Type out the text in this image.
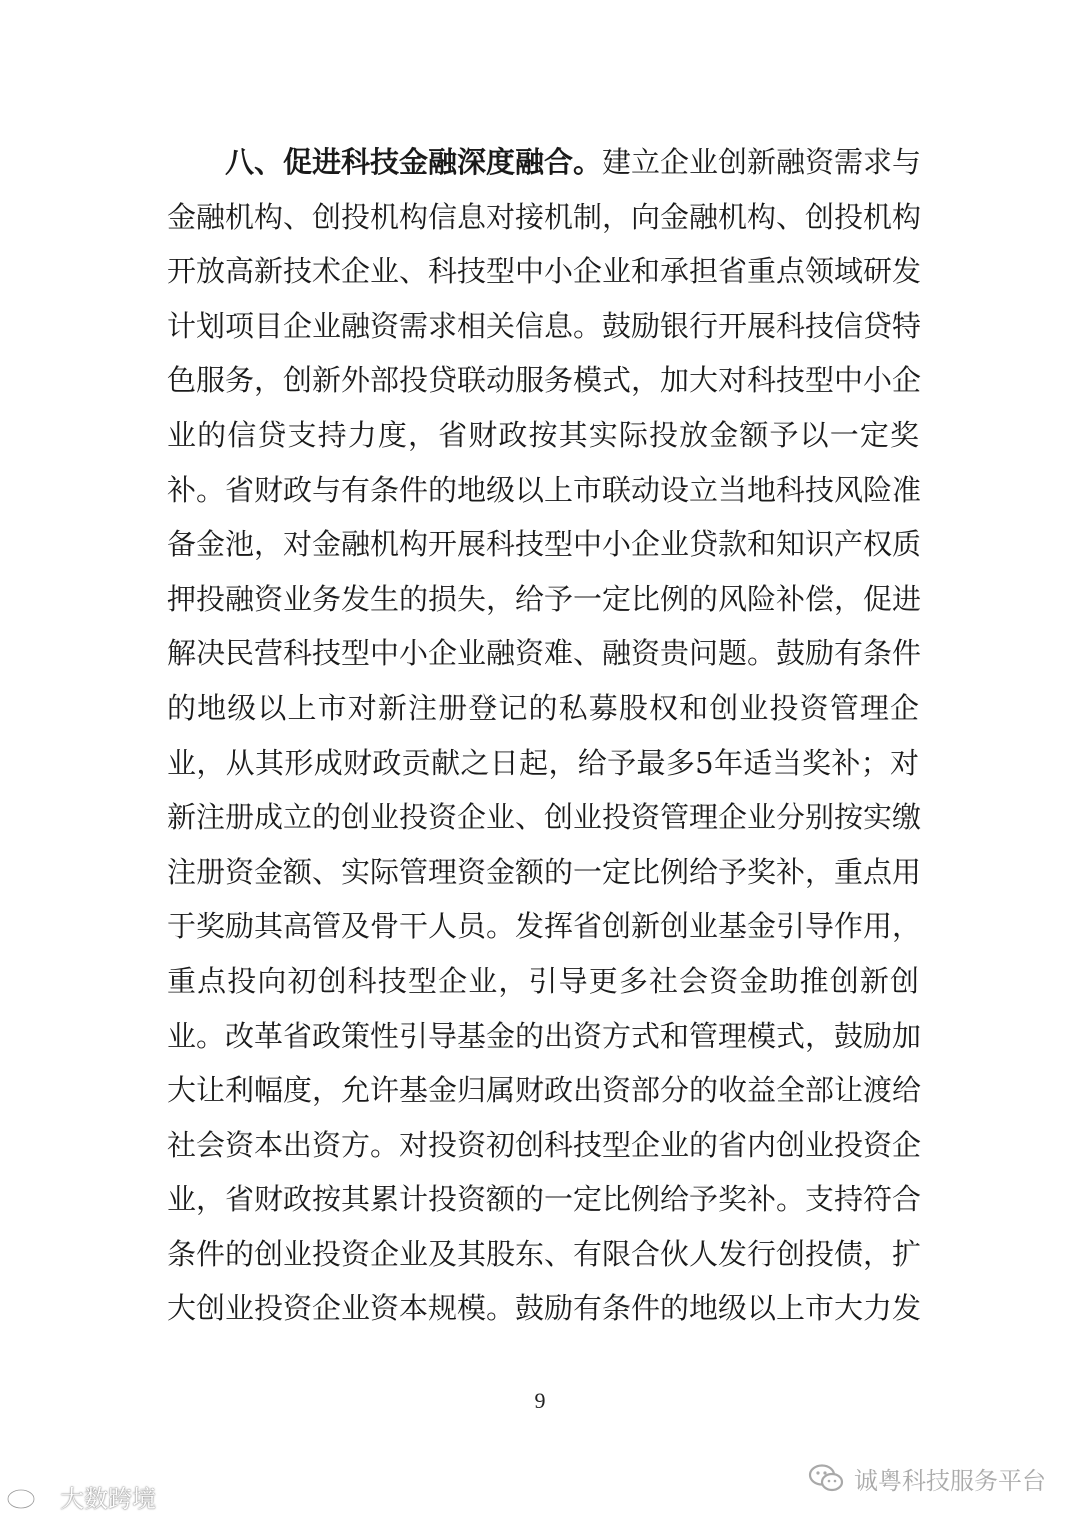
八、促进科技金融深度融合。建立企业创新融资需求与
金融机构、创投机构信息对接机制，向金融机构、创投机构
开放高新技术企业、科技型中小企业和承担省重点领域研发
计划项目企业融资需求相关信息。鼓励银行开展科技信贷特
色服务，创新外部投贷联动服务模式，加大对科技型中小企
业的信贷支持力度，省财政按其实际投放金额予以一定奖
补。省财政与有条件的地级以上市联动设立当地科技风险准
备金池，对金融机构开展科技型中小企业贷款和知识产权质
押投融资业务发生的损失，给予一定比例的风险补偿，促进
解决民营科技型中小企业融资难、融资贵问题。鼓励有条件
的地级以上市对新注册登记的私募股权和创业投资管理企
业，从其形成财政贡献之日起，给予最多5年适当奖补；对
新注册成立的创业投资企业、创业投资管理企业分别按实缴
注册资金额、实际管理资金额的一定比例给予奖补，重点用
于奖励其高管及骨干人员。发挥省创新创业基金引导作用，
重点投向初创科技型企业，引导更多社会资金助推创新创
业。改革省政策性引导基金的出资方式和管理模式，鼓励加
大让利幅度，允许基金归属财政出资部分的收益全部让渡给
社会资本出资方。对投资初创科技型企业的省内创业投资企
业，省财政按其累计投资额的一定比例给予奖补。支持符合
条件的创业投资企业及其股东、有限合伙人发行创投债，扩
大创业投资企业资本规模。鼓励有条件的地级以上市大力发
9
大数跨境
诚粤科技服务平台
